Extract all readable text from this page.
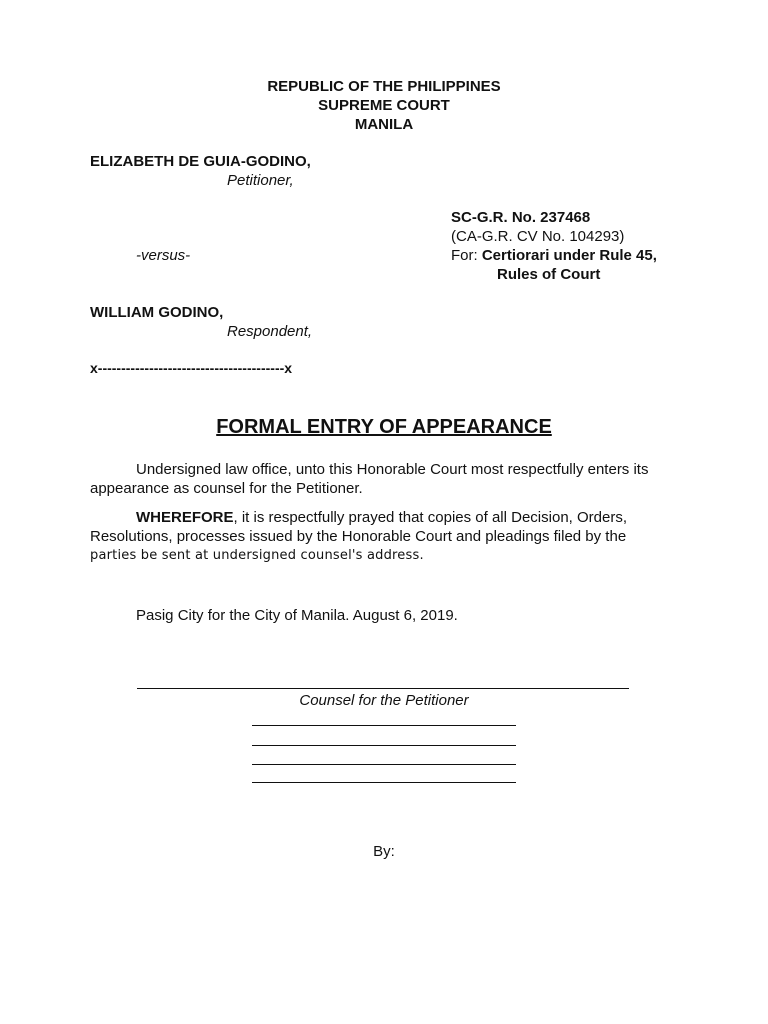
REPUBLIC OF THE PHILIPPINES
SUPREME COURT
MANILA
ELIZABETH DE GUIA-GODINO,
Petitioner,
SC-G.R. No. 237468
(CA-G.R. CV No. 104293)
For: Certiorari under Rule 45,
Rules of Court
-versus-
WILLIAM GODINO,
Respondent,
x----------------------------------------x
FORMAL ENTRY OF APPEARANCE
Undersigned law office, unto this Honorable Court most respectfully enters its appearance as counsel for the Petitioner.
WHEREFORE, it is respectfully prayed that copies of all Decision, Orders, Resolutions, processes issued by the Honorable Court and pleadings filed by the
parties be sent at undersigned counsel's address.
Pasig City for the City of Manila. August 6, 2019.
Counsel for the Petitioner
By:
